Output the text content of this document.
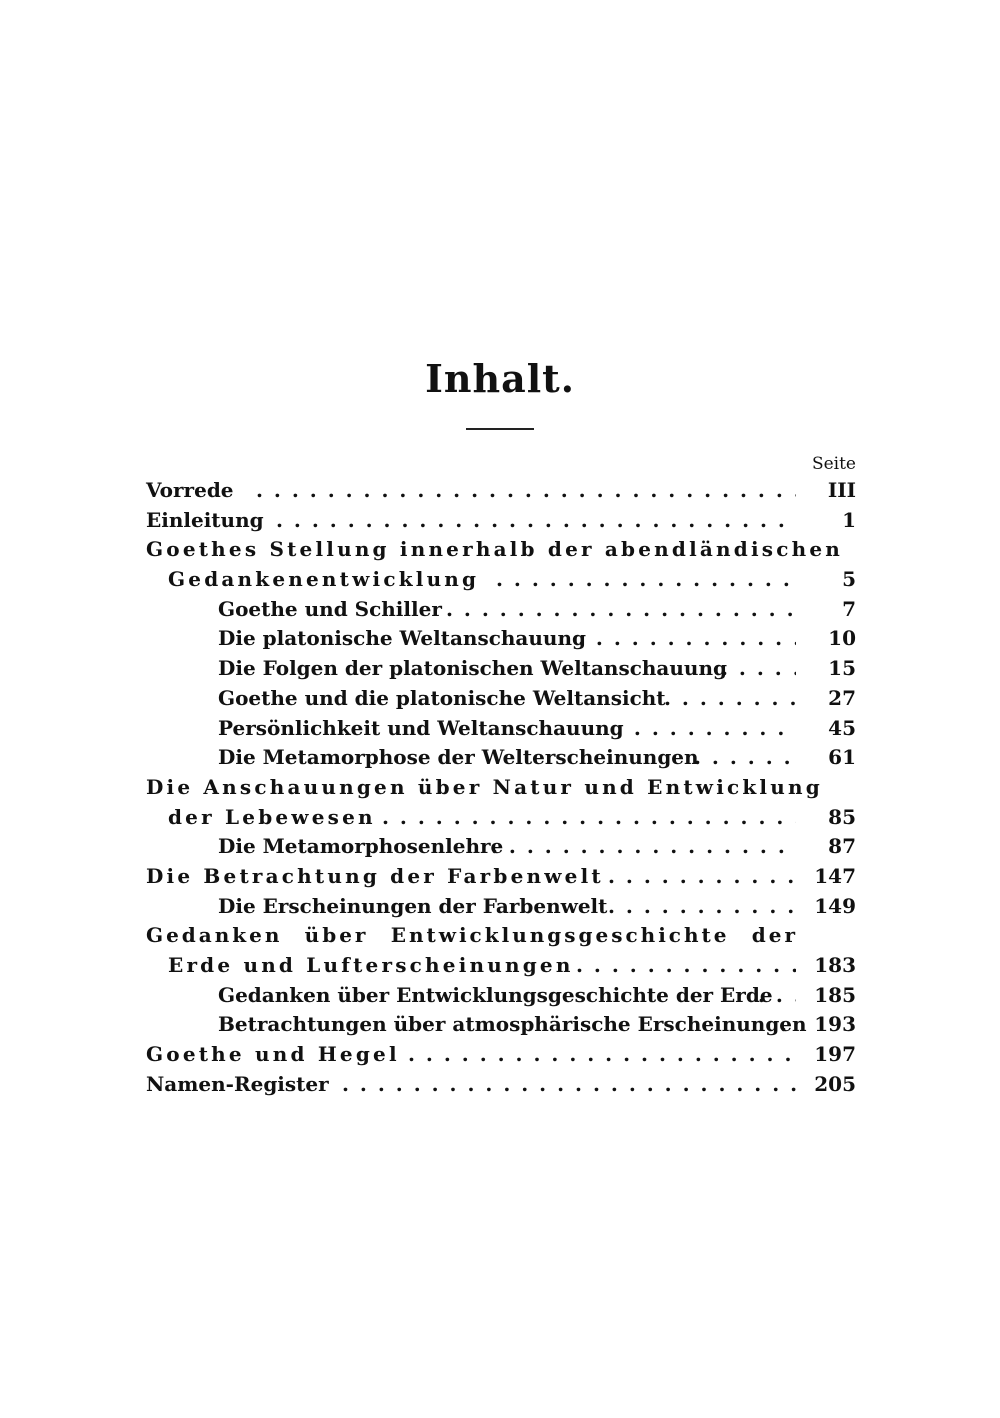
Inhalt.
Seite
Vorrede . . .	III
Einleitung . . .	1
Goethes Stellung innerhalb der abendländischen
Gedankenentwicklung . . .	5
Goethe und Schiller . . .	7
Die platonische Weltanschauung . . .	10
Die Folgen der platonischen Weltanschauung . . .	15
Goethe und die platonische Weltansicht . . .	27
Persönlichkeit und Weltanschauung . . .	45
Die Metamorphose der Welterscheinungen . . .	61
Die Anschauungen über Natur und Entwicklung
der Lebewesen . . .	85
Die Metamorphosenlehre . . .	87
Die Betrachtung der Farbenwelt . . .	147
Die Erscheinungen der Farbenwelt . . .	149
Gedanken über Entwicklungsgeschichte der
Erde und Lufterscheinungen . . .	183
Gedanken über Entwicklungsgeschichte der Erde . . .	185
Betrachtungen über atmosphärische Erscheinungen . . . 193
Goethe und Hegel . . .	197
Namen-Register . . .	205
